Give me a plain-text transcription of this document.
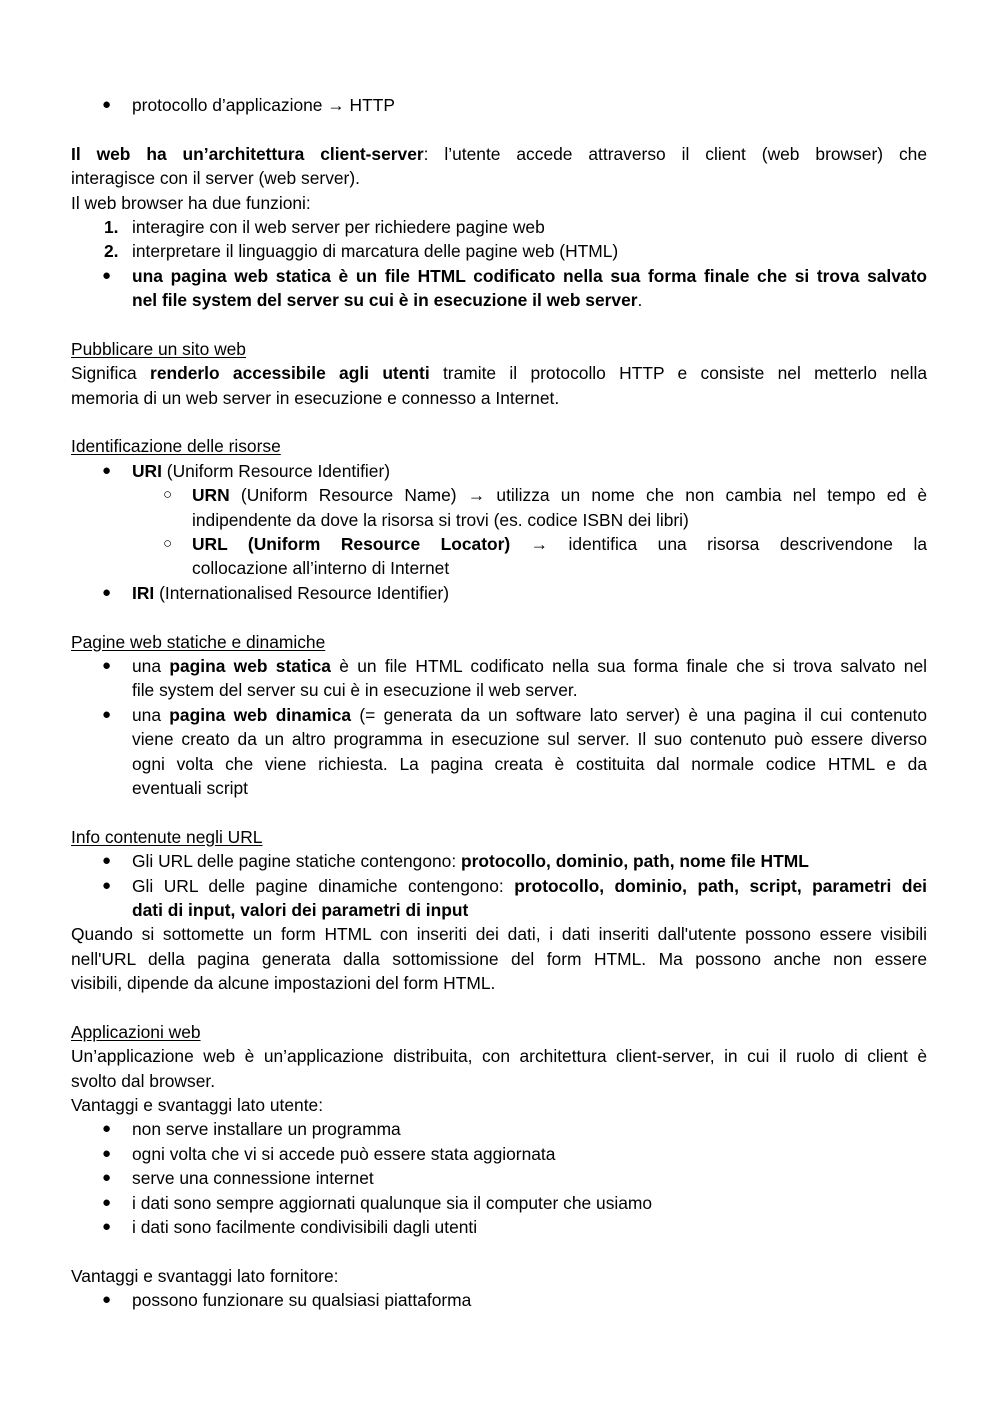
●	protocollo d’applicazione → HTTP
Il web ha un’architettura client-server: l’utente accede attraverso il client (web browser) che
interagisce con il server (web server).
Il web browser ha due funzioni:
1. interagire con il web server per richiedere pagine web
2. interpretare il linguaggio di marcatura delle pagine web (HTML)
●	una pagina web statica è un file HTML codificato nella sua forma finale che si trova salvato
nel file system del server su cui è in esecuzione il web server.
Pubblicare un sito web
Significa renderlo accessibile agli utenti tramite il protocollo HTTP e consiste nel metterlo nella
memoria di un web server in esecuzione e connesso a Internet.
Identificazione delle risorse
●	URI (Uniform Resource Identifier)
○	URN (Uniform Resource Name) → utilizza un nome che non cambia nel tempo ed è
indipendente da dove la risorsa si trovi (es. codice ISBN dei libri)
○	URL (Uniform Resource Locator) → identifica una risorsa descrivendone la
collocazione all’interno di Internet
●	IRI (Internationalised Resource Identifier)
Pagine web statiche e dinamiche
●	una pagina web statica è un file HTML codificato nella sua forma finale che si trova salvato nel
file system del server su cui è in esecuzione il web server.
●	una pagina web dinamica (= generata da un software lato server) è una pagina il cui contenuto
viene creato da un altro programma in esecuzione sul server. Il suo contenuto può essere diverso
ogni volta che viene richiesta. La pagina creata è costituita dal normale codice HTML e da
eventuali script
Info contenute negli URL
●	Gli URL delle pagine statiche contengono: protocollo, dominio, path, nome file HTML
●	Gli URL delle pagine dinamiche contengono: protocollo, dominio, path, script, parametri dei
dati di input, valori dei parametri di input
Quando si sottomette un form HTML con inseriti dei dati, i dati inseriti dall'utente possono essere visibili
nell'URL della pagina generata dalla sottomissione del form HTML. Ma possono anche non essere
visibili, dipende da alcune impostazioni del form HTML.
Applicazioni web
Un’applicazione web è un’applicazione distribuita, con architettura client-server, in cui il ruolo di client è
svolto dal browser.
Vantaggi e svantaggi lato utente:
●	non serve installare un programma
●	ogni volta che vi si accede può essere stata aggiornata
●	serve una connessione internet
●	i dati sono sempre aggiornati qualunque sia il computer che usiamo
●	i dati sono facilmente condivisibili dagli utenti
Vantaggi e svantaggi lato fornitore:
●	possono funzionare su qualsiasi piattaforma
